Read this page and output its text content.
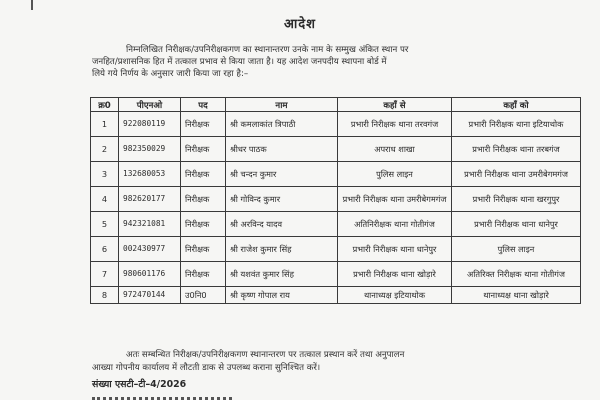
आदेश
निम्नलिखित निरीक्षक/उपनिरीक्षकगण का स्थानान्तरण उनके नाम के सम्मुख अंकित स्थान पर
जनहित/प्रशासनिक हित में तत्काल प्रभाव से किया जाता है। यह आदेश जनपदीय स्थापना बोर्ड में
लिये गये निर्णय के अनुसार जारी किया जा रहा है:–
क्र0	पीएनओ	पद	नाम	कहाँ से	कहाँ को
1	922080119	निरीक्षक	श्री कमलाकांत त्रिपाठी	प्रभारी निरीक्षक थाना तरवगंज	प्रभारी निरीक्षक थाना इटियाथोक
2	982350029	निरीक्षक	श्रीधर पाठक	अपराध शाखा	प्रभारी निरीक्षक थाना तरबगंज
3	132680053	निरीक्षक	श्री चन्दन कुमार	पुलिस लाइन	प्रभारी निरीक्षक थाना उमरीबेगमगंज
4	982620177	निरीक्षक	श्री गोविन्द कुमार	प्रभारी निरीक्षक थाना उमरीबेगमगंज	प्रभारी निरीक्षक थाना खरगुपुर
5	942321081	निरीक्षक	श्री अरविन्द यादव	अतिनिरीक्षक थाना गोतीगंज	प्रभारी निरीक्षक थाना धानेपुर
6	002430977	निरीक्षक	श्री राजेश कुमार सिंह	प्रभारी निरीक्षक थाना धानेपुर	पुलिस लाइन
7	980601176	निरीक्षक	श्री यशवंत कुमार सिंह	प्रभारी निरीक्षक थाना खोड़ारे	अतिरिक्त निरीक्षक थाना गोतीगंज
8	972470144	उ0नि0	श्री कृष्ण गोपाल राय	थानाध्यक्ष इटियाथोक	थानाध्यक्ष थाना खोड़ारे
अतः सम्बन्धित निरीक्षक/उपनिरीक्षकगण स्थानान्तरण पर तत्काल प्रस्थान करें तथा अनुपालन
आख्या गोपनीय कार्यालय में लौटती डाक से उपलब्ध कराना सुनिश्चित करें।
संख्या एसटी–टी–4/2026
